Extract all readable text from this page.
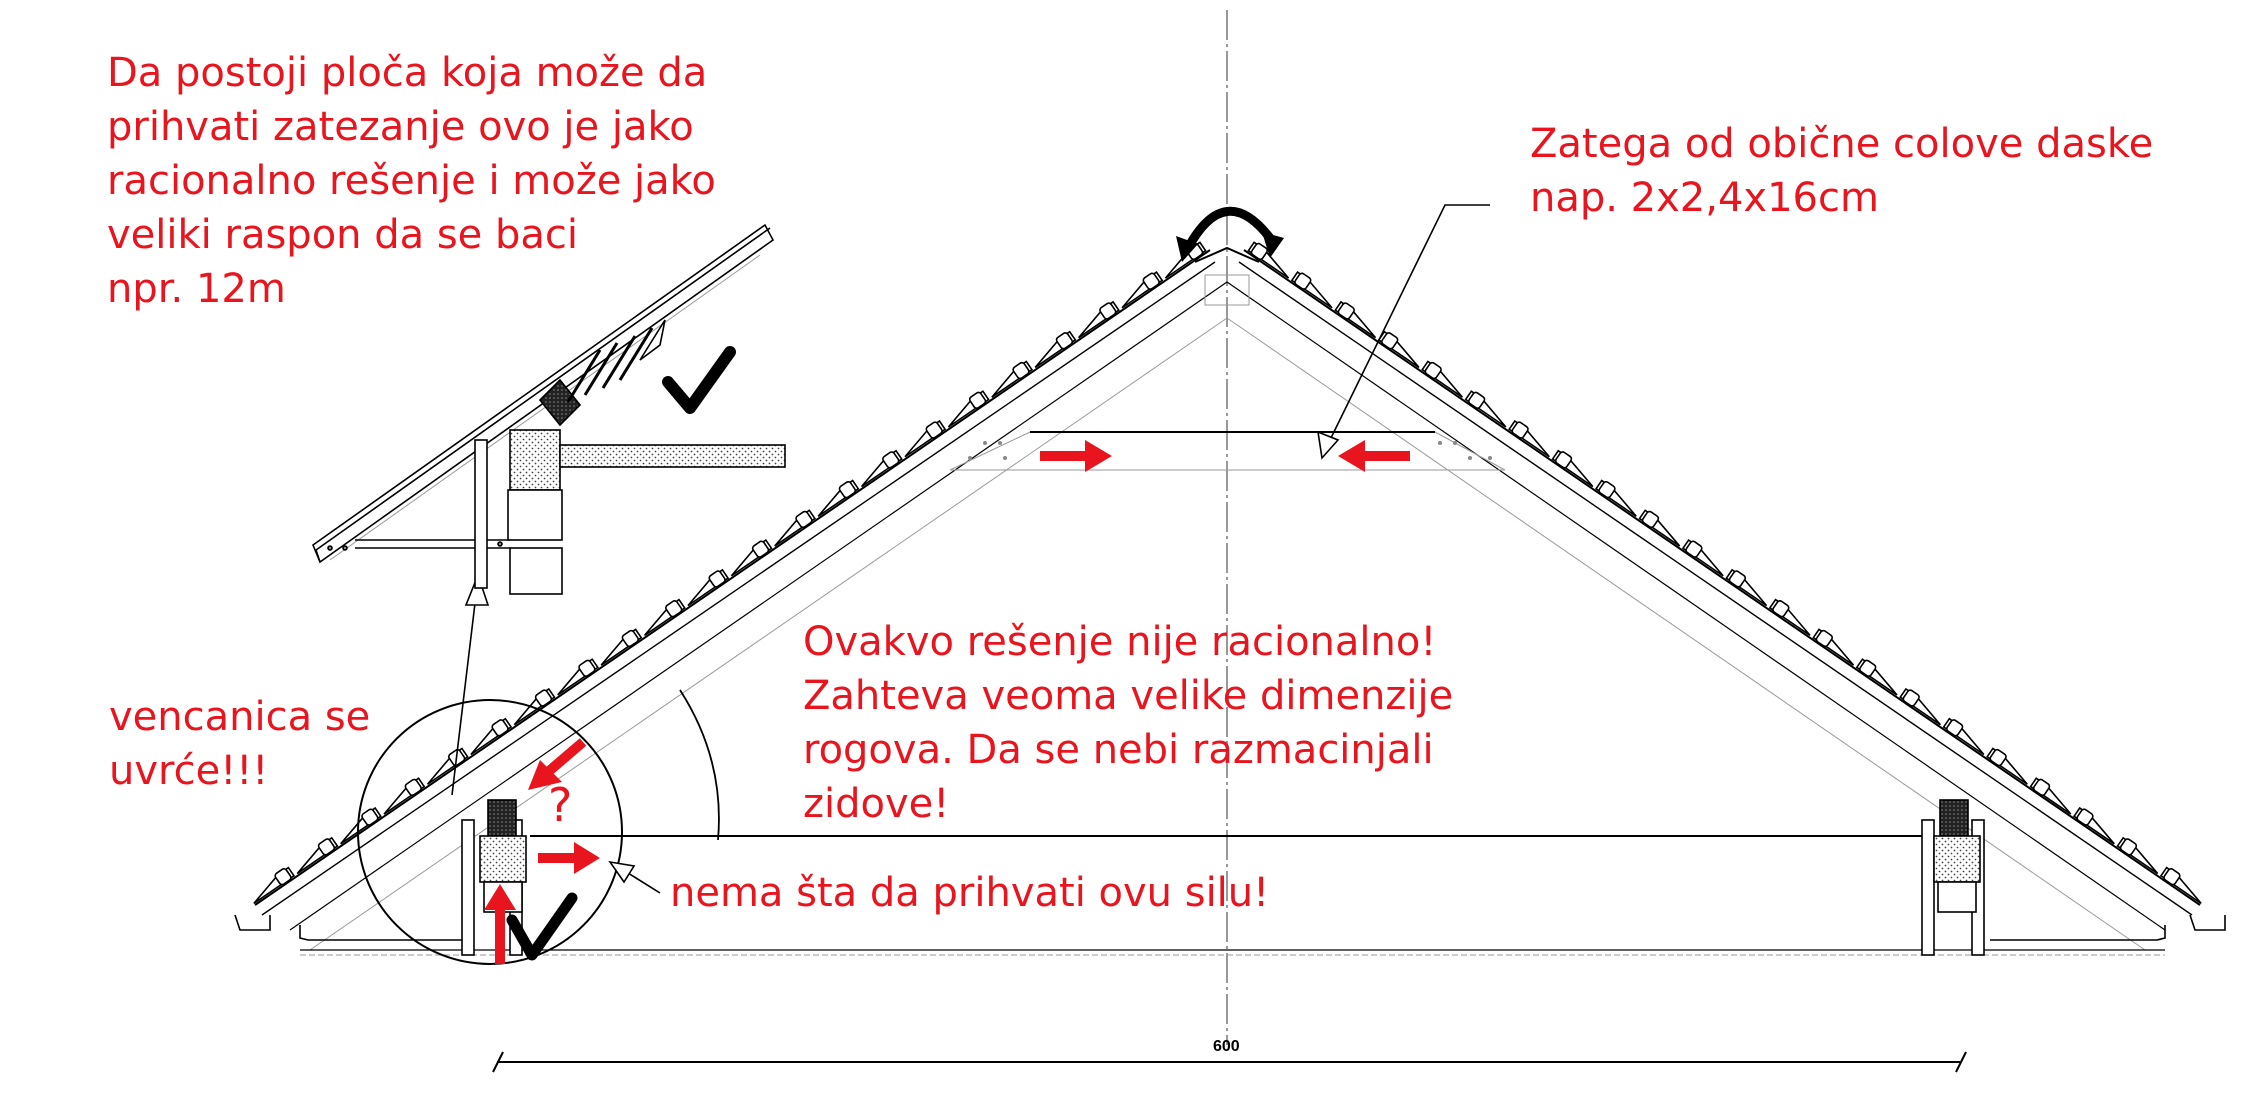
Da postoji ploča koja može da
prihvati zatezanje ovo je jako
racionalno rešenje i može jako
veliki raspon da se baci
npr. 12m
Zatega od obične colove daske
nap. 2x2,4x16cm
Ovakvo rešenje nije racionalno!
Zahteva veoma velike dimenzije
rogova. Da se nebi razmacinjali
zidove!
vencanica se
uvrće!!!
nema šta da prihvati ovu silu!
?
600
